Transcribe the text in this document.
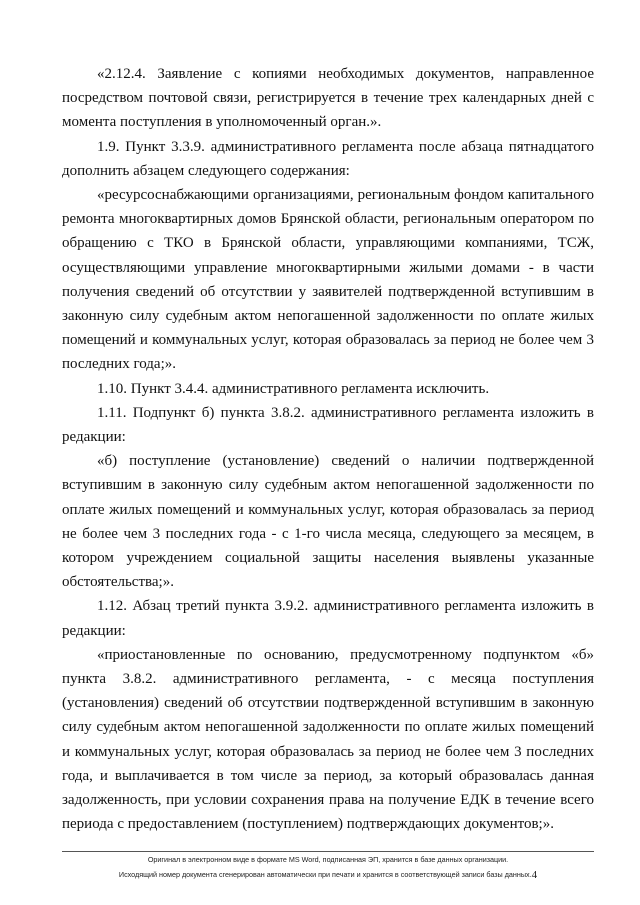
«2.12.4. Заявление с копиями необходимых документов, направленное посредством почтовой связи, регистрируется в течение трех календарных дней с момента поступления в уполномоченный орган.».

1.9. Пункт 3.3.9. административного регламента после абзаца пятнадцатого дополнить абзацем следующего содержания:

«ресурсоснабжающими организациями, региональным фондом капитального ремонта многоквартирных домов Брянской области, региональным оператором по обращению с ТКО в Брянской области, управляющими компаниями, ТСЖ, осуществляющими управление многоквартирными жилыми домами - в части получения сведений об отсутствии у заявителей подтвержденной вступившим в законную силу судебным актом непогашенной задолженности по оплате жилых помещений и коммунальных услуг, которая образовалась за период не более чем 3 последних года;».

1.10. Пункт 3.4.4. административного регламента исключить.

1.11. Подпункт б) пункта 3.8.2. административного регламента изложить в редакции:

«б) поступление (установление) сведений о наличии подтвержденной вступившим в законную силу судебным актом непогашенной задолженности по оплате жилых помещений и коммунальных услуг, которая образовалась за период не более чем 3 последних года - с 1-го числа месяца, следующего за месяцем, в котором учреждением социальной защиты населения выявлены указанные обстоятельства;».

1.12. Абзац третий пункта 3.9.2. административного регламента изложить в редакции:

«приостановленные по основанию, предусмотренному подпунктом «б» пункта 3.8.2. административного регламента, - с месяца поступления (установления) сведений об отсутствии подтвержденной вступившим в законную силу судебным актом непогашенной задолженности по оплате жилых помещений и коммунальных услуг, которая образовалась за период не более чем 3 последних года, и выплачивается в том числе за период, за который образовалась данная задолженность, при условии сохранения права на получение ЕДК в течение всего периода с предоставлением (поступлением) подтверждающих документов;».

Оригинал в электронном виде в формате MS Word, подписанная ЭП, хранится в базе данных организации.
Исходящий номер документа сгенерирован автоматически при печати и хранится в соответствующей записи базы данных.4
